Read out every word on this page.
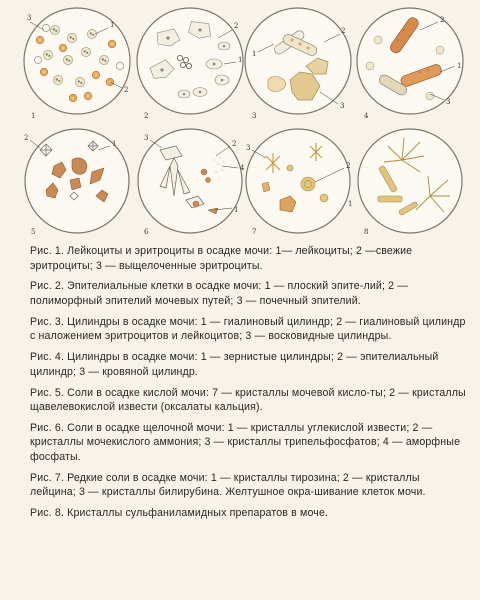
3
1
2
1
2
1
2
2
1
3
3
2
1
3
4
2
1
5
3
2
4
1
6
3
2
1
7	8

Рис. 1. Лейкоциты и эритроциты в осадке мочи: 1— лейкоциты; 2 —свежие эритроциты; 3 — выщелоченные эритроциты.

Рис. 2. Эпителиальные клетки в осадке мочи: 1 — плоский эпите-лий; 2 — полиморфный эпителий мочевых путей; 3 — почечный эпителий.

Рис. 3. Цилиндры в осадке мочи: 1 — гиалиновый цилиндр; 2 — гиалиновый цилиндр с наложением эритроцитов и лейкоцитов; 3 — восковидные цилиндры.

Рис. 4. Цилиндры в осадке мочи: 1 — зернистые цилиндры; 2 — эпителиальный цилиндр; 3 — кровяной цилиндр.

Рис. 5. Соли в осадке кислой мочи: 7 — кристаллы мочевой кисло-ты; 2 — кристаллы щавелевокислой извести (оксалаты кальция).

Рис. 6. Соли в осадке щелочной мочи: 1 — кристаллы углекислой извести; 2 — кристаллы мочекислого аммония; 3 — кристаллы трипельфосфатов; 4 — аморфные фосфаты.

Рис. 7. Редкие соли в осадке мочи: 1 — кристаллы тирозина; 2 — кристаллы лейцина; 3 — кристаллы билирубина. Желтушное окра-шивание клеток мочи.

Рис. 8. Кристаллы сульфаниламидных препаратов в моче.
